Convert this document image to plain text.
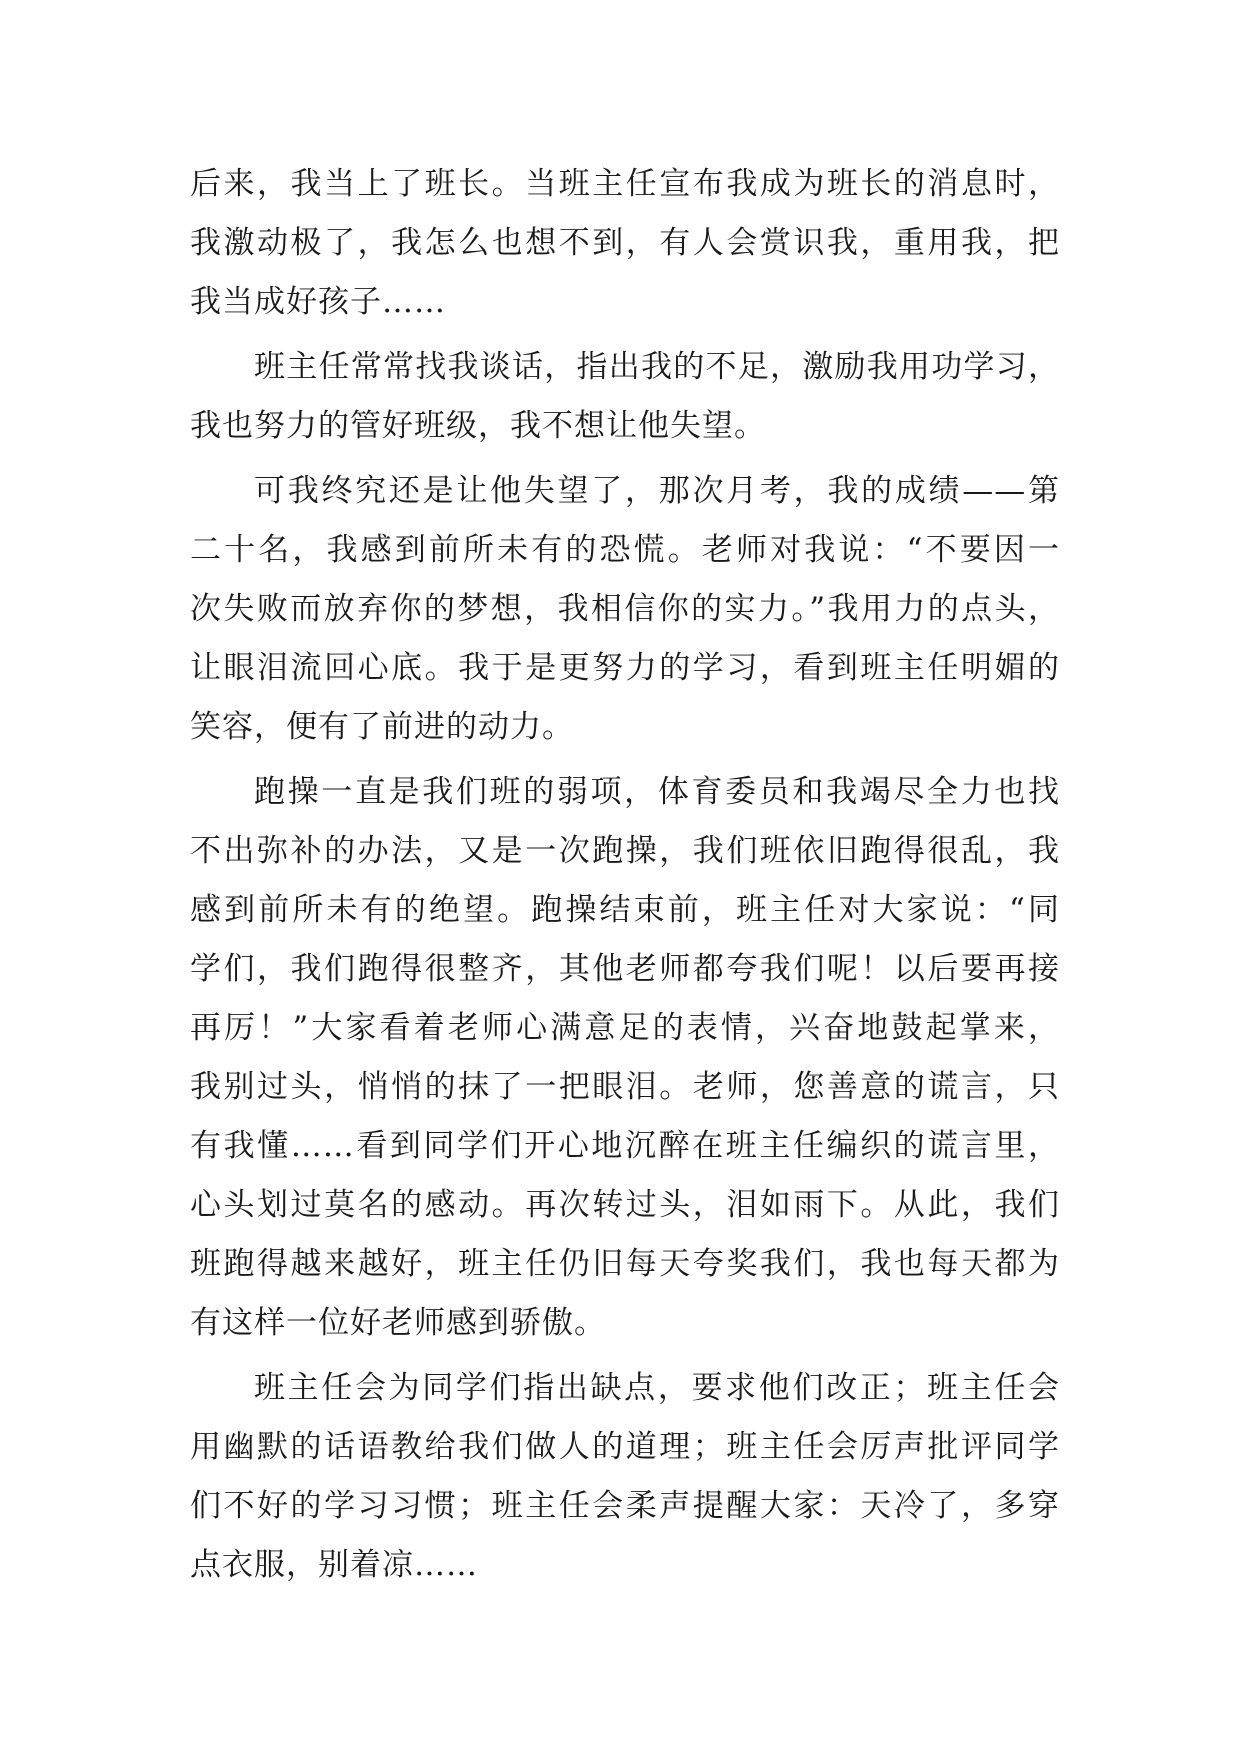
后来，我当上了班长。当班主任宣布我成为班长的消息时，
我激动极了，我怎么也想不到，有人会赏识我，重用我，把
我当成好孩子……
班主任常常找我谈话，指出我的不足，激励我用功学习，
我也努力的管好班级，我不想让他失望。
可我终究还是让他失望了，那次月考，我的成绩——第
二十名，我感到前所未有的恐慌。老师对我说：“不要因一
次失败而放弃你的梦想，我相信你的实力。”我用力的点头，
让眼泪流回心底。我于是更努力的学习，看到班主任明媚的
笑容，便有了前进的动力。
跑操一直是我们班的弱项，体育委员和我竭尽全力也找
不出弥补的办法，又是一次跑操，我们班依旧跑得很乱，我
感到前所未有的绝望。跑操结束前，班主任对大家说：“同
学们，我们跑得很整齐，其他老师都夸我们呢！以后要再接
再厉！”大家看着老师心满意足的表情，兴奋地鼓起掌来，
我别过头，悄悄的抹了一把眼泪。老师，您善意的谎言，只
有我懂……看到同学们开心地沉醉在班主任编织的谎言里，
心头划过莫名的感动。再次转过头，泪如雨下。从此，我们
班跑得越来越好，班主任仍旧每天夸奖我们，我也每天都为
有这样一位好老师感到骄傲。
班主任会为同学们指出缺点，要求他们改正；班主任会
用幽默的话语教给我们做人的道理；班主任会厉声批评同学
们不好的学习习惯；班主任会柔声提醒大家：天冷了，多穿
点衣服，别着凉……
